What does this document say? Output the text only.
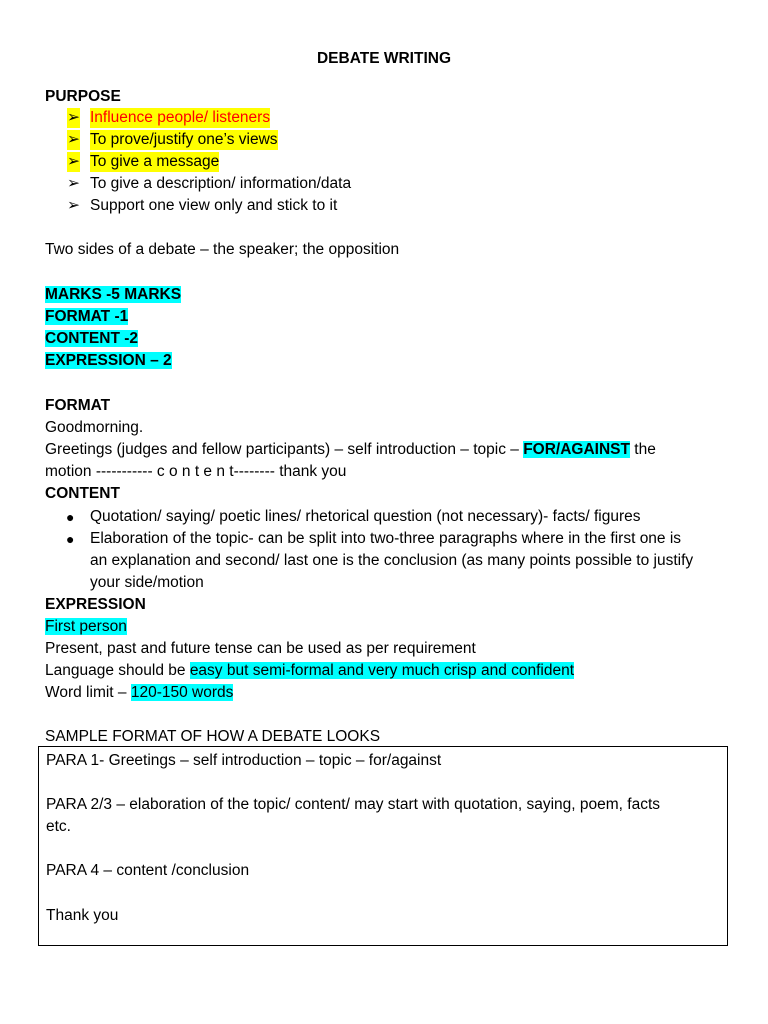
DEBATE WRITING
PURPOSE
➢ Influence people/ listeners
➢ To prove/justify one’s views
➢ To give a message
➢ To give a description/ information/data
➢ Support one view only and stick to it
Two sides of a debate – the speaker; the opposition
MARKS -5 MARKS
FORMAT -1
CONTENT -2
EXPRESSION – 2
FORMAT
Goodmorning.
Greetings (judges and fellow participants) – self introduction – topic – FOR/AGAINST the
motion ----------- c o n t e n t-------- thank you
CONTENT
● Quotation/ saying/ poetic lines/ rhetorical question (not necessary)- facts/ figures
● Elaboration of the topic- can be split into two-three paragraphs where in the first one is
an explanation and second/ last one is the conclusion (as many points possible to justify
your side/motion
EXPRESSION
First person
Present, past and future tense can be used as per requirement
Language should be easy but semi-formal and very much crisp and confident
Word limit – 120-150 words
SAMPLE FORMAT OF HOW A DEBATE LOOKS
PARA 1- Greetings – self introduction – topic – for/against
PARA 2/3 – elaboration of the topic/ content/ may start with quotation, saying, poem, facts
etc.
PARA 4 – content /conclusion
Thank you
